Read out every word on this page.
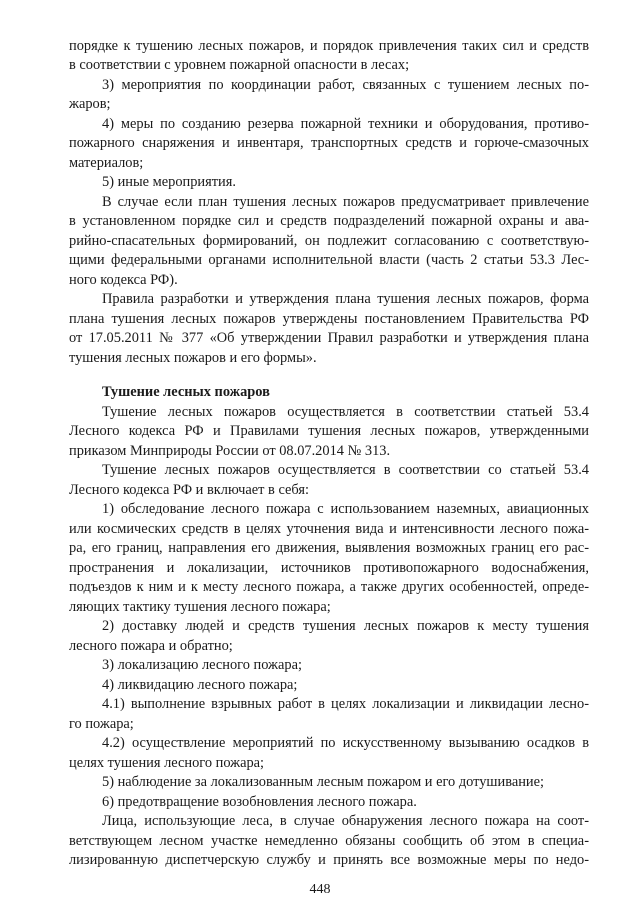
порядке к тушению лесных пожаров, и порядок привлечения таких сил и средств
в соответствии с уровнем пожарной опасности в лесах;
3) мероприятия по координации работ, связанных с тушением лесных по-
жаров;
4) меры по созданию резерва пожарной техники и оборудования, противо-
пожарного снаряжения и инвентаря, транспортных средств и горюче-смазочных
материалов;
5) иные мероприятия.
В случае если план тушения лесных пожаров предусматривает привлечение
в установленном порядке сил и средств подразделений пожарной охраны и ава-
рийно-спасательных формирований, он подлежит согласованию с соответствую-
щими федеральными органами исполнительной власти (часть 2 статьи 53.3 Лес-
ного кодекса РФ).
Правила разработки и утверждения плана тушения лесных пожаров, форма
плана тушения лесных пожаров утверждены постановлением Правительства РФ
от 17.05.2011 № 377 «Об утверждении Правил разработки и утверждения плана
тушения лесных пожаров и его формы».
Тушение лесных пожаров
Тушение лесных пожаров осуществляется в соответствии статьей 53.4
Лесного кодекса РФ и Правилами тушения лесных пожаров, утвержденными
приказом Минприроды России от 08.07.2014 № 313.
Тушение лесных пожаров осуществляется в соответствии со статьей 53.4
Лесного кодекса РФ и включает в себя:
1) обследование лесного пожара с использованием наземных, авиационных
или космических средств в целях уточнения вида и интенсивности лесного пожа-
ра, его границ, направления его движения, выявления возможных границ его рас-
пространения и локализации, источников противопожарного водоснабжения,
подъездов к ним и к месту лесного пожара, а также других особенностей, опреде-
ляющих тактику тушения лесного пожара;
2) доставку людей и средств тушения лесных пожаров к месту тушения
лесного пожара и обратно;
3) локализацию лесного пожара;
4) ликвидацию лесного пожара;
4.1) выполнение взрывных работ в целях локализации и ликвидации лесно-
го пожара;
4.2) осуществление мероприятий по искусственному вызыванию осадков в
целях тушения лесного пожара;
5) наблюдение за локализованным лесным пожаром и его дотушивание;
6) предотвращение возобновления лесного пожара.
Лица, использующие леса, в случае обнаружения лесного пожара на соот-
ветствующем лесном участке немедленно обязаны сообщить об этом в специа-
лизированную диспетчерскую службу и принять все возможные меры по недо-
448
